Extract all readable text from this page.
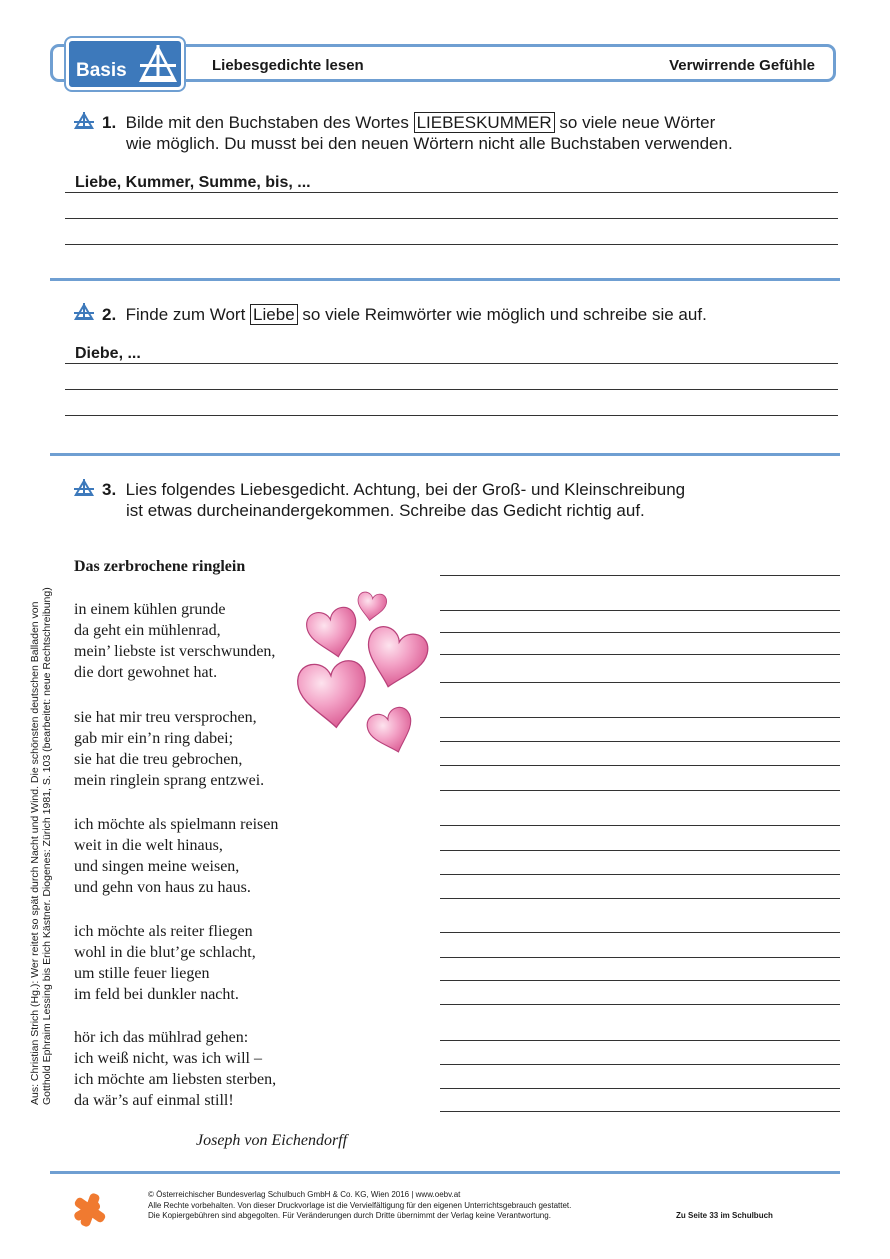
Basis	Liebesgedichte lesen	Verwirrende Gefühle
1. Bilde mit den Buchstaben des Wortes LIEBESKUMMER so viele neue Wörter
wie möglich. Du musst bei den neuen Wörtern nicht alle Buchstaben verwenden.
Liebe, Kummer, Summe, bis, ...
2. Finde zum Wort Liebe so viele Reimwörter wie möglich und schreibe sie auf.
Diebe, ...
3. Lies folgendes Liebesgedicht. Achtung, bei der Groß- und Kleinschreibung
ist etwas durcheinandergekommen. Schreibe das Gedicht richtig auf.
Das zerbrochene ringlein
in einem kühlen grunde
da geht ein mühlenrad,
mein’ liebste ist verschwunden,
die dort gewohnet hat.
sie hat mir treu versprochen,
gab mir ein’n ring dabei;
sie hat die treu gebrochen,
mein ringlein sprang entzwei.
ich möchte als spielmann reisen
weit in die welt hinaus,
und singen meine weisen,
und gehn von haus zu haus.
ich möchte als reiter fliegen
wohl in die blut’ge schlacht,
um stille feuer liegen
im feld bei dunkler nacht.
hör ich das mühlrad gehen:
ich weiß nicht, was ich will –
ich möchte am liebsten sterben,
da wär’s auf einmal still!
Joseph von Eichendorff
Aus: Christian Strich (Hg.): Wer reitet so spät durch Nacht und Wind. Die schönsten deutschen Balladen von Gotthold Ephraim Lessing bis Erich Kästner. Diogenes: Zürich 1981, S. 103 (bearbeitet: neue Rechtschreibung)
© Österreichischer Bundesverlag Schulbuch GmbH & Co. KG, Wien 2016 | www.oebv.at
Alle Rechte vorbehalten. Von dieser Druckvorlage ist die Vervielfältigung für den eigenen Unterrichtsgebrauch gestattet.
Die Kopiergebühren sind abgegolten. Für Veränderungen durch Dritte übernimmt der Verlag keine Verantwortung.	Zu Seite 33 im Schulbuch
